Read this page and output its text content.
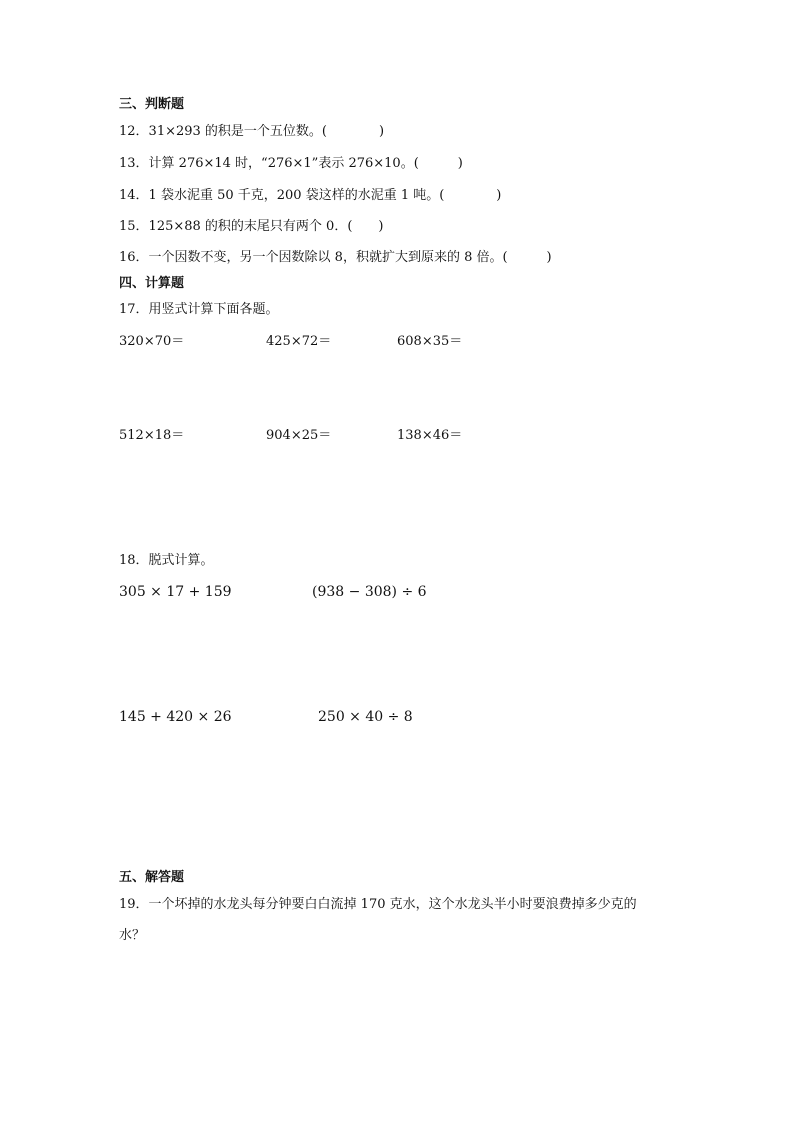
三、判断题
12．31×293 的积是一个五位数。(　　　　)
13．计算 276×14 时，“276×1”表示 276×10。(　　　)
14．1 袋水泥重 50 千克，200 袋这样的水泥重 1 吨。(　　　　)
15．125×88 的积的末尾只有两个 0．(　　)
16．一个因数不变，另一个因数除以 8，积就扩大到原来的 8 倍。(　　　)
四、计算题
17．用竖式计算下面各题。
320×70＝	425×72＝	608×35＝
512×18＝	904×25＝	138×46＝
18．脱式计算。
305 × 17 + 159	(938 − 308) ÷ 6
145 + 420 × 26	250 × 40 ÷ 8
五、解答题
19．一个坏掉的水龙头每分钟要白白流掉 170 克水，这个水龙头半小时要浪费掉多少克的
水？
